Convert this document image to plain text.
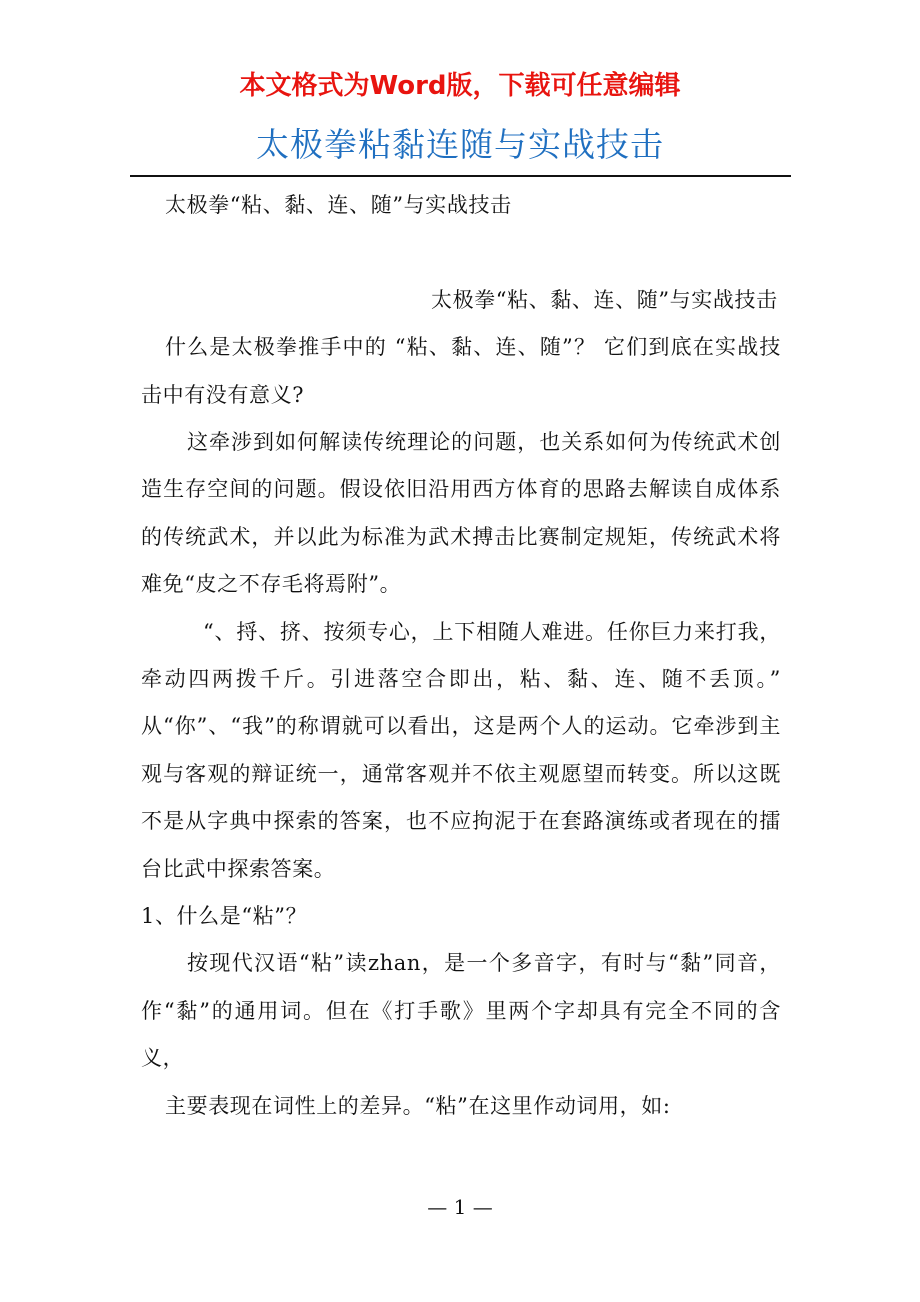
本文格式为Word版，下载可任意编辑
太极拳粘黏连随与实战技击

太极拳“粘、黏、连、随”与实战技击

太极拳“粘、黏、连、随”与实战技击

什么是太极拳推手中的 “粘、黏、连、随”？ 它们到底在实战技击中有没有意义?

这牵涉到如何解读传统理论的问题，也关系如何为传统武术创造生存空间的问题。假设依旧沿用西方体育的思路去解读自成体系的传统武术，并以此为标准为武术搏击比赛制定规矩，传统武术将难免“皮之不存毛将焉附”。

“、捋、挤、按须专心，上下相随人难进。任你巨力来打我，牵动四两拨千斤。引进落空合即出，粘、黏、连、随不丢顶。”　　从“你”、“我”的称谓就可以看出，这是两个人的运动。它牵涉到主观与客观的辩证统一，通常客观并不依主观愿望而转变。所以这既不是从字典中探索的答案，也不应拘泥于在套路演练或者现在的擂台比武中探索答案。

1、什么是“粘”？

按现代汉语“粘”读zhan，是一个多音字，有时与“黏”同音，作“黏”的通用词。但在《打手歌》里两个字却具有完全不同的含义，

主要表现在词性上的差异。“粘”在这里作动词用，如:

— 1 —
